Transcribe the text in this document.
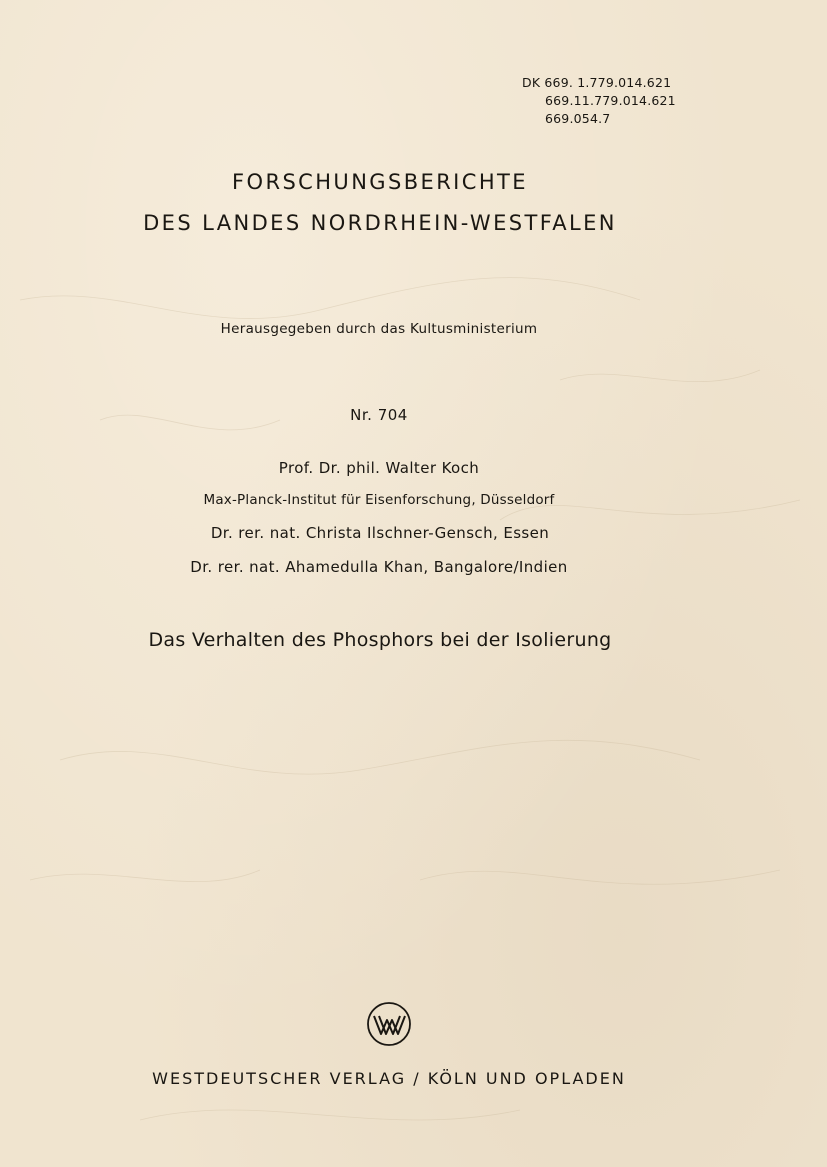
DK 669. 1.779.014.621
669.11.779.014.621
669.054.7
FORSCHUNGSBERICHTE
DES LANDES NORDRHEIN-WESTFALEN
Herausgegeben durch das Kultusministerium
Nr. 704
Prof. Dr. phil. Walter Koch
Max-Planck-Institut für Eisenforschung, Düsseldorf
Dr. rer. nat. Christa Ilschner-Gensch, Essen
Dr. rer. nat. Ahamedulla Khan, Bangalore/Indien
Das Verhalten des Phosphors bei der Isolierung
WESTDEUTSCHER VERLAG / KÖLN UND OPLADEN
